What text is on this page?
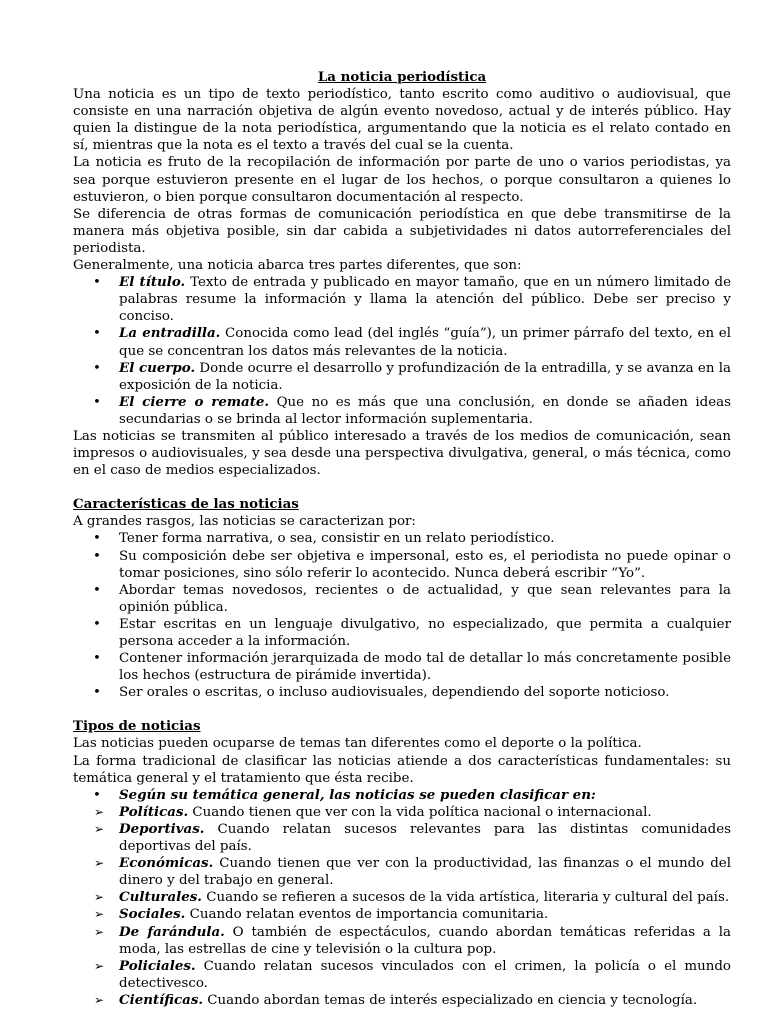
La noticia periodística

Una noticia es un tipo de texto periodístico, tanto escrito como auditivo o audiovisual, que consiste en una narración objetiva de algún evento novedoso, actual y de interés público. Hay quien la distingue de la nota periodística, argumentando que la noticia es el relato contado en sí, mientras que la nota es el texto a través del cual se la cuenta.

La noticia es fruto de la recopilación de información por parte de uno o varios periodistas, ya sea porque estuvieron presente en el lugar de los hechos, o porque consultaron a quienes lo estuvieron, o bien porque consultaron documentación al respecto.

Se diferencia de otras formas de comunicación periodística en que debe transmitirse de la manera más objetiva posible, sin dar cabida a subjetividades ni datos autorreferenciales del periodista.

Generalmente, una noticia abarca tres partes diferentes, que son:

•	El título. Texto de entrada y publicado en mayor tamaño, que en un número limitado de palabras resume la información y llama la atención del público. Debe ser preciso y conciso.
•	La entradilla. Conocida como lead (del inglés “guía”), un primer párrafo del texto, en el que se concentran los datos más relevantes de la noticia.
•	El cuerpo. Donde ocurre el desarrollo y profundización de la entradilla, y se avanza en la exposición de la noticia.
•	El cierre o remate. Que no es más que una conclusión, en donde se añaden ideas secundarias o se brinda al lector información suplementaria.

Las noticias se transmiten al público interesado a través de los medios de comunicación, sean impresos o audiovisuales, y sea desde una perspectiva divulgativa, general, o más técnica, como en el caso de medios especializados.

Características de las noticias

A grandes rasgos, las noticias se caracterizan por:

•	Tener forma narrativa, o sea, consistir en un relato periodístico.
•	Su composición debe ser objetiva e impersonal, esto es, el periodista no puede opinar o tomar posiciones, sino sólo referir lo acontecido. Nunca deberá escribir “Yo”.
•	Abordar temas novedosos, recientes o de actualidad, y que sean relevantes para la opinión pública.
•	Estar escritas en un lenguaje divulgativo, no especializado, que permita a cualquier persona acceder a la información.
•	Contener información jerarquizada de modo tal de detallar lo más concretamente posible los hechos (estructura de pirámide invertida).
•	Ser orales o escritas, o incluso audiovisuales, dependiendo del soporte noticioso.
Tipos de noticias

Las noticias pueden ocuparse de temas tan diferentes como el deporte o la política.

La forma tradicional de clasificar las noticias atiende a dos características fundamentales: su temática general y el tratamiento que ésta recibe.

•	Según su temática general, las noticias se pueden clasificar en:
➢	Políticas. Cuando tienen que ver con la vida política nacional o internacional.
➢	Deportivas. Cuando relatan sucesos relevantes para las distintas comunidades deportivas del país.
➢	Económicas. Cuando tienen que ver con la productividad, las finanzas o el mundo del dinero y del trabajo en general.
➢	Culturales. Cuando se refieren a sucesos de la vida artística, literaria y cultural del país.
➢	Sociales. Cuando relatan eventos de importancia comunitaria.
➢	De farándula. O también de espectáculos, cuando abordan temáticas referidas a la moda, las estrellas de cine y televisión o la cultura pop.
➢	Policiales. Cuando relatan sucesos vinculados con el crimen, la policía o el mundo detectivesco.
➢	Científicas. Cuando abordan temas de interés especializado en ciencia y tecnología.
